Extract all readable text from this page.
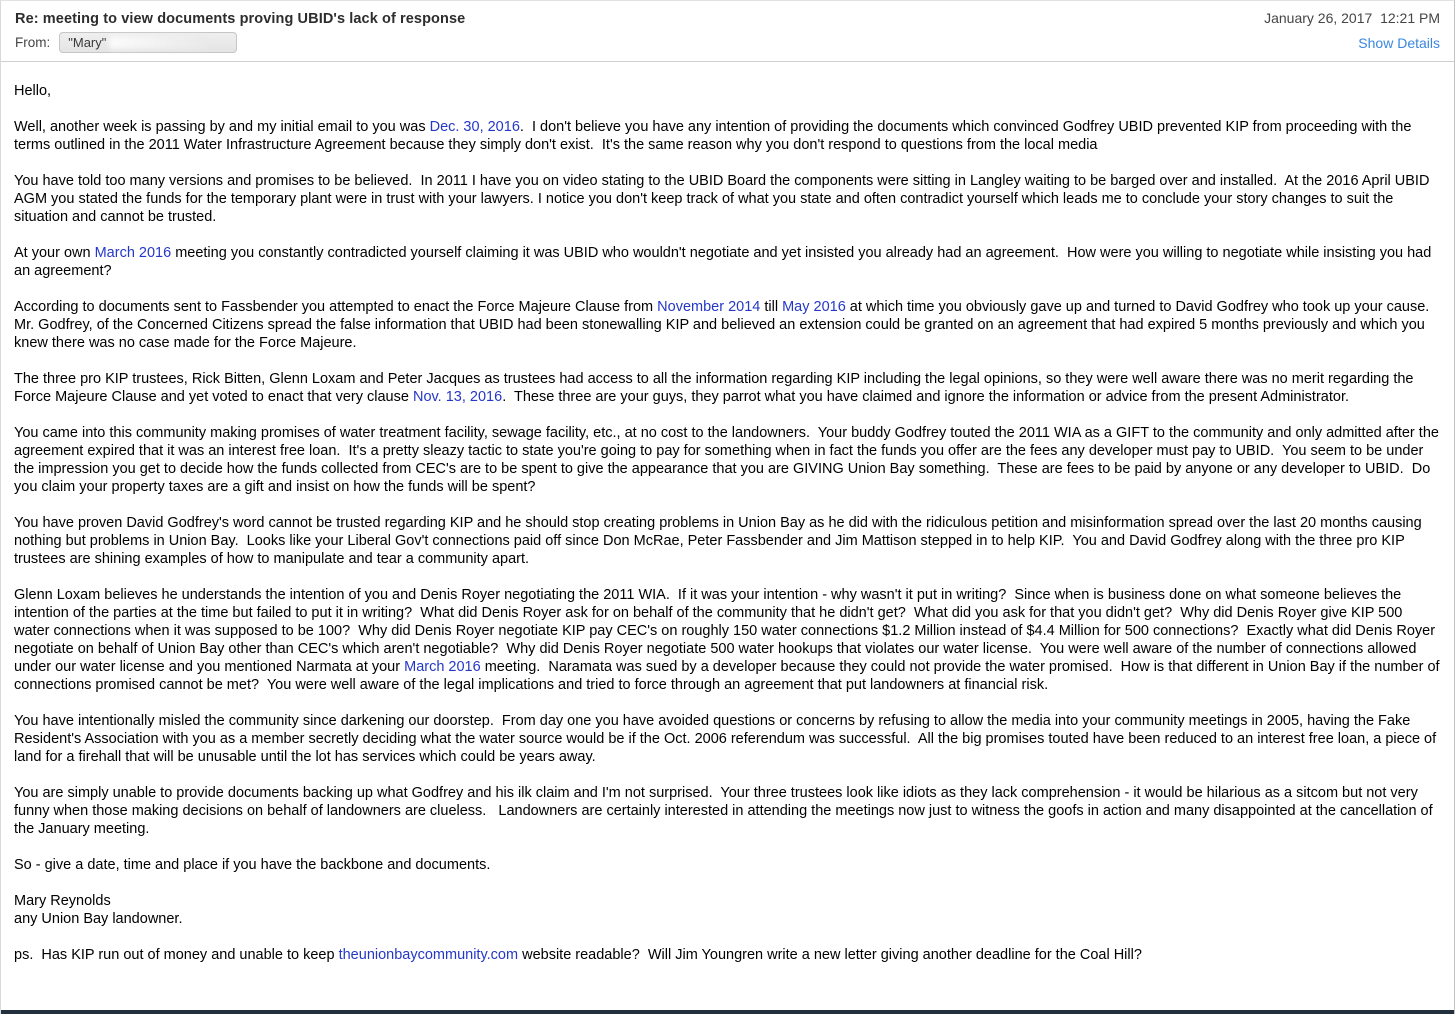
Re: meeting to view documents proving UBID's lack of response	January 26, 2017  12:21 PM
From: "Mary"	Show Details

Hello,

Well, another week is passing by and my initial email to you was Dec. 30, 2016.  I don't believe you have any intention of providing the documents which convinced Godfrey UBID prevented KIP from proceeding with the terms outlined in the 2011 Water Infrastructure Agreement because they simply don't exist.  It's the same reason why you don't respond to questions from the local media

You have told too many versions and promises to be believed.  In 2011 I have you on video stating to the UBID Board the components were sitting in Langley waiting to be barged over and installed.  At the 2016 April UBID AGM you stated the funds for the temporary plant were in trust with your lawyers. I notice you don't keep track of what you state and often contradict yourself which leads me to conclude your story changes to suit the situation and cannot be trusted.

At your own March 2016 meeting you constantly contradicted yourself claiming it was UBID who wouldn't negotiate and yet insisted you already had an agreement.  How were you willing to negotiate while insisting you had an agreement?

According to documents sent to Fassbender you attempted to enact the Force Majeure Clause from November 2014 till May 2016 at which time you obviously gave up and turned to David Godfrey who took up your cause.  Mr. Godfrey, of the Concerned Citizens spread the false information that UBID had been stonewalling KIP and believed an extension could be granted on an agreement that had expired 5 months previously and which you knew there was no case made for the Force Majeure.

The three pro KIP trustees, Rick Bitten, Glenn Loxam and Peter Jacques as trustees had access to all the information regarding KIP including the legal opinions, so they were well aware there was no merit regarding the Force Majeure Clause and yet voted to enact that very clause Nov. 13, 2016.  These three are your guys, they parrot what you have claimed and ignore the information or advice from the present Administrator.

You came into this community making promises of water treatment facility, sewage facility, etc., at no cost to the landowners.  Your buddy Godfrey touted the 2011 WIA as a GIFT to the community and only admitted after the agreement expired that it was an interest free loan.  It's a pretty sleazy tactic to state you're going to pay for something when in fact the funds you offer are the fees any developer must pay to UBID.  You seem to be under the impression you get to decide how the funds collected from CEC's are to be spent to give the appearance that you are GIVING Union Bay something.  These are fees to be paid by anyone or any developer to UBID.  Do you claim your property taxes are a gift and insist on how the funds will be spent?

You have proven David Godfrey's word cannot be trusted regarding KIP and he should stop creating problems in Union Bay as he did with the ridiculous petition and misinformation spread over the last 20 months causing nothing but problems in Union Bay.  Looks like your Liberal Gov't connections paid off since Don McRae, Peter Fassbender and Jim Mattison stepped in to help KIP.  You and David Godfrey along with the three pro KIP trustees are shining examples of how to manipulate and tear a community apart.

Glenn Loxam believes he understands the intention of you and Denis Royer negotiating the 2011 WIA.  If it was your intention - why wasn't it put in writing?  Since when is business done on what someone believes the intention of the parties at the time but failed to put it in writing?  What did Denis Royer ask for on behalf of the community that he didn't get?  What did you ask for that you didn't get?  Why did Denis Royer give KIP 500 water connections when it was supposed to be 100?  Why did Denis Royer negotiate KIP pay CEC's on roughly 150 water connections $1.2 Million instead of $4.4 Million for 500 connections?  Exactly what did Denis Royer negotiate on behalf of Union Bay other than CEC's which aren't negotiable?  Why did Denis Royer negotiate 500 water hookups that violates our water license.  You were well aware of the number of connections allowed under our water license and you mentioned Narmata at your March 2016 meeting.  Naramata was sued by a developer because they could not provide the water promised.  How is that different in Union Bay if the number of connections promised cannot be met?  You were well aware of the legal implications and tried to force through an agreement that put landowners at financial risk.

You have intentionally misled the community since darkening our doorstep.  From day one you have avoided questions or concerns by refusing to allow the media into your community meetings in 2005, having the Fake Resident's Association with you as a member secretly deciding what the water source would be if the Oct. 2006 referendum was successful.  All the big promises touted have been reduced to an interest free loan, a piece of land for a firehall that will be unusable until the lot has services which could be years away.

You are simply unable to provide documents backing up what Godfrey and his ilk claim and I'm not surprised.  Your three trustees look like idiots as they lack comprehension - it would be hilarious as a sitcom but not very funny when those making decisions on behalf of landowners are clueless.   Landowners are certainly interested in attending the meetings now just to witness the goofs in action and many disappointed at the cancellation of the January meeting.

So - give a date, time and place if you have the backbone and documents.

Mary Reynolds

any Union Bay landowner.

ps.  Has KIP run out of money and unable to keep theunionbaycommunity.com website readable?  Will Jim Youngren write a new letter giving another deadline for the Coal Hill?
